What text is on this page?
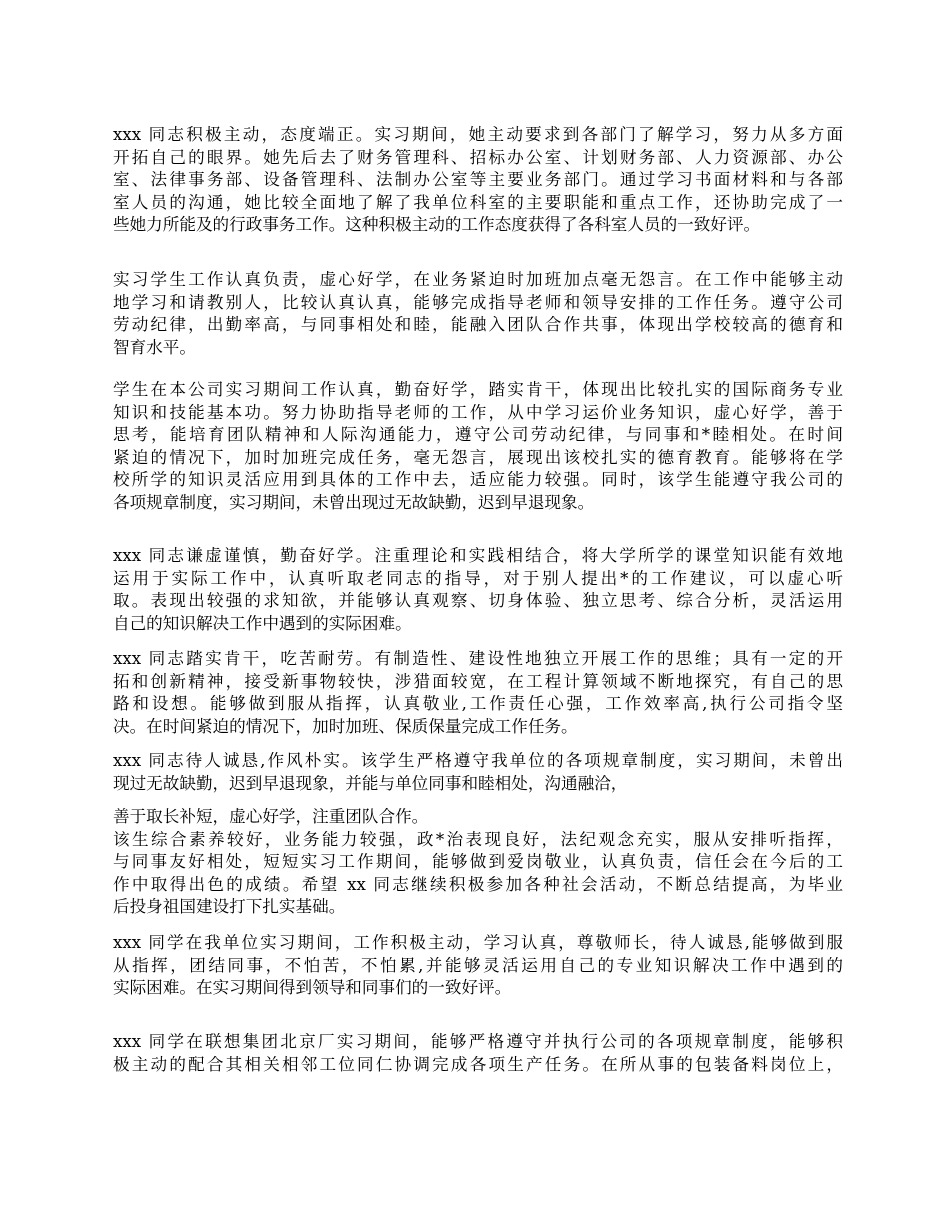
xxx 同志积极主动，态度端正。实习期间，她主动要求到各部门了解学习，努力从多方面
开拓自己的眼界。她先后去了财务管理科、招标办公室、计划财务部、人力资源部、办公
室、法律事务部、设备管理科、法制办公室等主要业务部门。通过学习书面材料和与各部
室人员的沟通，她比较全面地了解了我单位科室的主要职能和重点工作，还协助完成了一
些她力所能及的行政事务工作。这种积极主动的工作态度获得了各科室人员的一致好评。
实习学生工作认真负责，虚心好学，在业务紧迫时加班加点毫无怨言。在工作中能够主动
地学习和请教别人，比较认真认真，能够完成指导老师和领导安排的工作任务。遵守公司
劳动纪律，出勤率高，与同事相处和睦，能融入团队合作共事，体现出学校较高的德育和
智育水平。
学生在本公司实习期间工作认真，勤奋好学，踏实肯干，体现出比较扎实的国际商务专业
知识和技能基本功。努力协助指导老师的工作，从中学习运价业务知识，虚心好学，善于
思考，能培育团队精神和人际沟通能力，遵守公司劳动纪律，与同事和*睦相处。在时间
紧迫的情况下，加时加班完成任务，毫无怨言，展现出该校扎实的德育教育。能够将在学
校所学的知识灵活应用到具体的工作中去，适应能力较强。同时，该学生能遵守我公司的
各项规章制度，实习期间，未曾出现过无故缺勤，迟到早退现象。
xxx 同志谦虚谨慎，勤奋好学。注重理论和实践相结合，将大学所学的课堂知识能有效地
运用于实际工作中，认真听取老同志的指导，对于别人提出*的工作建议，可以虚心听
取。表现出较强的求知欲，并能够认真观察、切身体验、独立思考、综合分析，灵活运用
自己的知识解决工作中遇到的实际困难。
xxx 同志踏实肯干，吃苦耐劳。有制造性、建设性地独立开展工作的思维；具有一定的开
拓和创新精神，接受新事物较快，涉猎面较宽，在工程计算领域不断地探究，有自己的思
路和设想。能够做到服从指挥，认真敬业,工作责任心强，工作效率高,执行公司指令坚
决。在时间紧迫的情况下，加时加班、保质保量完成工作任务。
xxx 同志待人诚恳,作风朴实。该学生严格遵守我单位的各项规章制度，实习期间，未曾出
现过无故缺勤，迟到早退现象，并能与单位同事和睦相处，沟通融洽，
善于取长补短，虚心好学，注重团队合作。
该生综合素养较好，业务能力较强，政*治表现良好，法纪观念充实，服从安排听指挥，
与同事友好相处，短短实习工作期间，能够做到爱岗敬业，认真负责，信任会在今后的工
作中取得出色的成绩。希望 xx 同志继续积极参加各种社会活动，不断总结提高，为毕业
后投身祖国建设打下扎实基础。
xxx 同学在我单位实习期间，工作积极主动，学习认真，尊敬师长，待人诚恳,能够做到服
从指挥，团结同事，不怕苦，不怕累,并能够灵活运用自己的专业知识解决工作中遇到的
实际困难。在实习期间得到领导和同事们的一致好评。
xxx 同学在联想集团北京厂实习期间，能够严格遵守并执行公司的各项规章制度，能够积
极主动的配合其相关相邻工位同仁协调完成各项生产任务。在所从事的包装备料岗位上，
